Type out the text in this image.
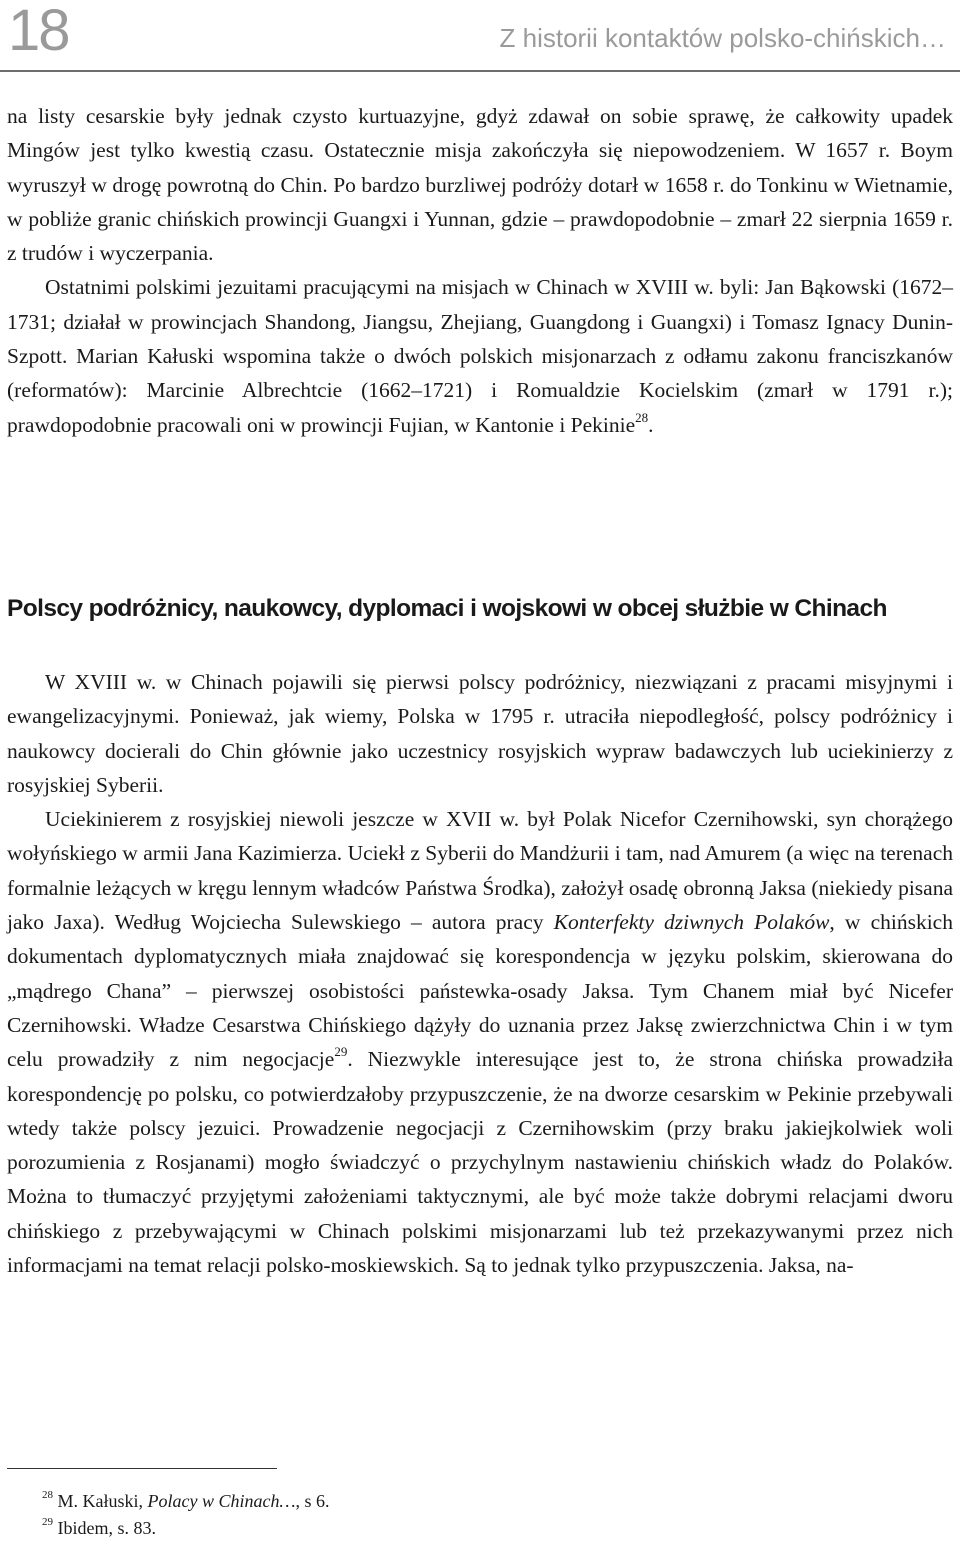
18	Z historii kontaktów polsko-chińskich…

na listy cesarskie były jednak czysto kurtuazyjne, gdyż zdawał on sobie sprawę, że całkowity upadek Mingów jest tylko kwestią czasu. Ostatecznie misja zakończyła się niepowodzeniem. W 1657 r. Boym wyruszył w drogę powrotną do Chin. Po bardzo burzliwej podróży dotarł w 1658 r. do Tonkinu w Wietnamie, w pobliże granic chińskich prowincji Guangxi i Yunnan, gdzie – prawdopodobnie – zmarł 22 sierpnia 1659 r. z trudów i wyczerpania.

Ostatnimi polskimi jezuitami pracującymi na misjach w Chinach w XVIII w. byli: Jan Bąkowski (1672–1731; działał w prowincjach Shandong, Jiangsu, Zhejiang, Guangdong i Guangxi) i Tomasz Ignacy Dunin-Szpott. Marian Kałuski wspomina także o dwóch polskich misjonarzach z odłamu zakonu franciszkanów (reformatów): Marcinie Albrechtcie (1662–1721) i Romualdzie Kocielskim (zmarł w 1791 r.); prawdopodobnie pracowali oni w prowincji Fujian, w Kantonie i Pekinie$^{28}$.

Polscy podróżnicy, naukowcy, dyplomaci i wojskowi w obcej służbie w Chinach

W XVIII w. w Chinach pojawili się pierwsi polscy podróżnicy, niezwiązani z pracami misyjnymi i ewangelizacyjnymi. Ponieważ, jak wiemy, Polska w 1795 r. utraciła niepodległość, polscy podróżnicy i naukowcy docierali do Chin głównie jako uczestnicy rosyjskich wypraw badawczych lub uciekinierzy z rosyjskiej Syberii.

Uciekinierem z rosyjskiej niewoli jeszcze w XVII w. był Polak Nicefor Czernihowski, syn chorążego wołyńskiego w armii Jana Kazimierza. Uciekł z Syberii do Mandżurii i tam, nad Amurem (a więc na terenach formalnie leżących w kręgu lennym władców Państwa Środka), założył osadę obronną Jaksa (niekiedy pisana jako Jaxa). Według Wojciecha Sulewskiego – autora pracy Konterfekty dziwnych Polaków, w chińskich dokumentach dyplomatycznych miała znajdować się korespondencja w języku polskim, skierowana do „mądrego Chana” – pierwszej osobistości państewka-osady Jaksa. Tym Chanem miał być Nicefer Czernihowski. Władze Cesarstwa Chińskiego dążyły do uznania przez Jaksę zwierzchnictwa Chin i w tym celu prowadziły z nim negocjacje$^{29}$. Niezwykle interesujące jest to, że strona chińska prowadziła korespondencję po polsku, co potwierdzałoby przypuszczenie, że na dworze cesarskim w Pekinie przebywali wtedy także polscy jezuici. Prowadzenie negocjacji z Czernihowskim (przy braku jakiejkolwiek woli porozumienia z Rosjanami) mogło świadczyć o przychylnym nastawieniu chińskich władz do Polaków. Można to tłumaczyć przyjętymi założeniami taktycznymi, ale być może także dobrymi relacjami dworu chińskiego z przebywającymi w Chinach polskimi misjonarzami lub też przekazywanymi przez nich informacjami na temat relacji polsko-moskiewskich. Są to jednak tylko przypuszczenia. Jaksa, na-

$^{28}$ M. Kałuski, Polacy w Chinach…, s 6.

$^{29}$ Ibidem, s. 83.
